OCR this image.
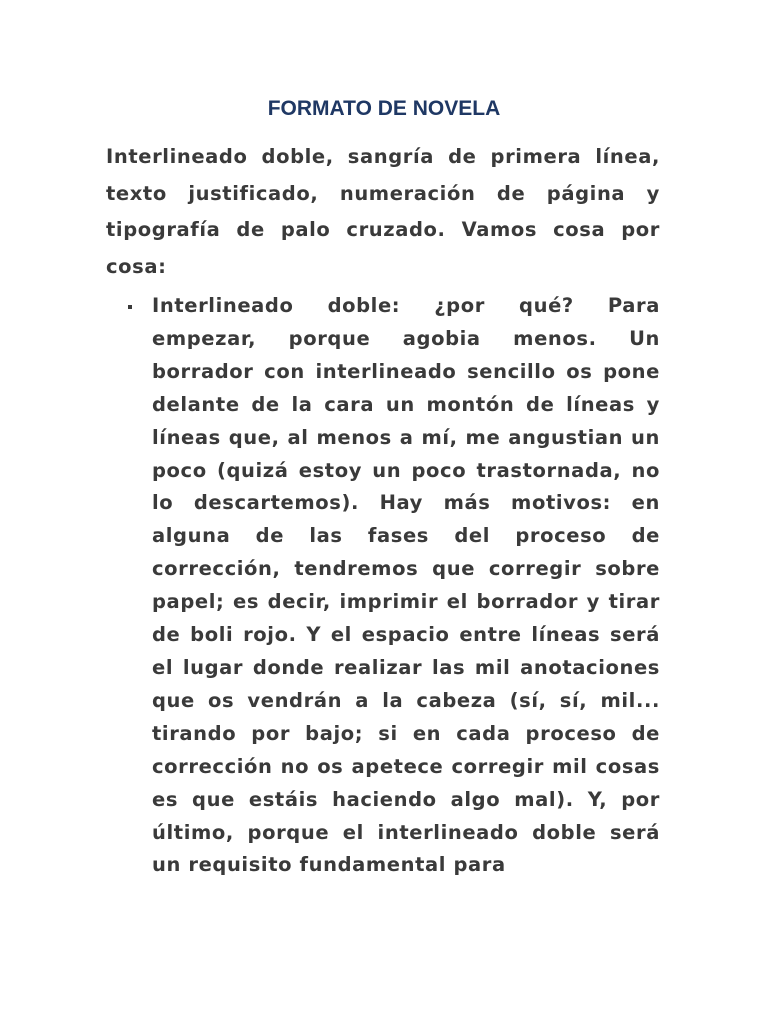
FORMATO DE NOVELA

Interlineado doble, sangría de primera línea, texto justificado, numeración de página y tipografía de palo cruzado. Vamos cosa por cosa:

Interlineado doble: ¿por qué? Para empezar, porque agobia menos. Un borrador con interlineado sencillo os pone delante de la cara un montón de líneas y líneas que, al menos a mí, me angustian un poco (quizá estoy un poco trastornada, no lo descartemos). Hay más motivos: en alguna de las fases del proceso de corrección, tendremos que corregir sobre papel; es decir, imprimir el borrador y tirar de boli rojo. Y el espacio entre líneas será el lugar donde realizar las mil anotaciones que os vendrán a la cabeza (sí, sí, mil... tirando por bajo; si en cada proceso de corrección no os apetece corregir mil cosas es que estáis haciendo algo mal). Y, por último, porque el interlineado doble será un requisito fundamental para
